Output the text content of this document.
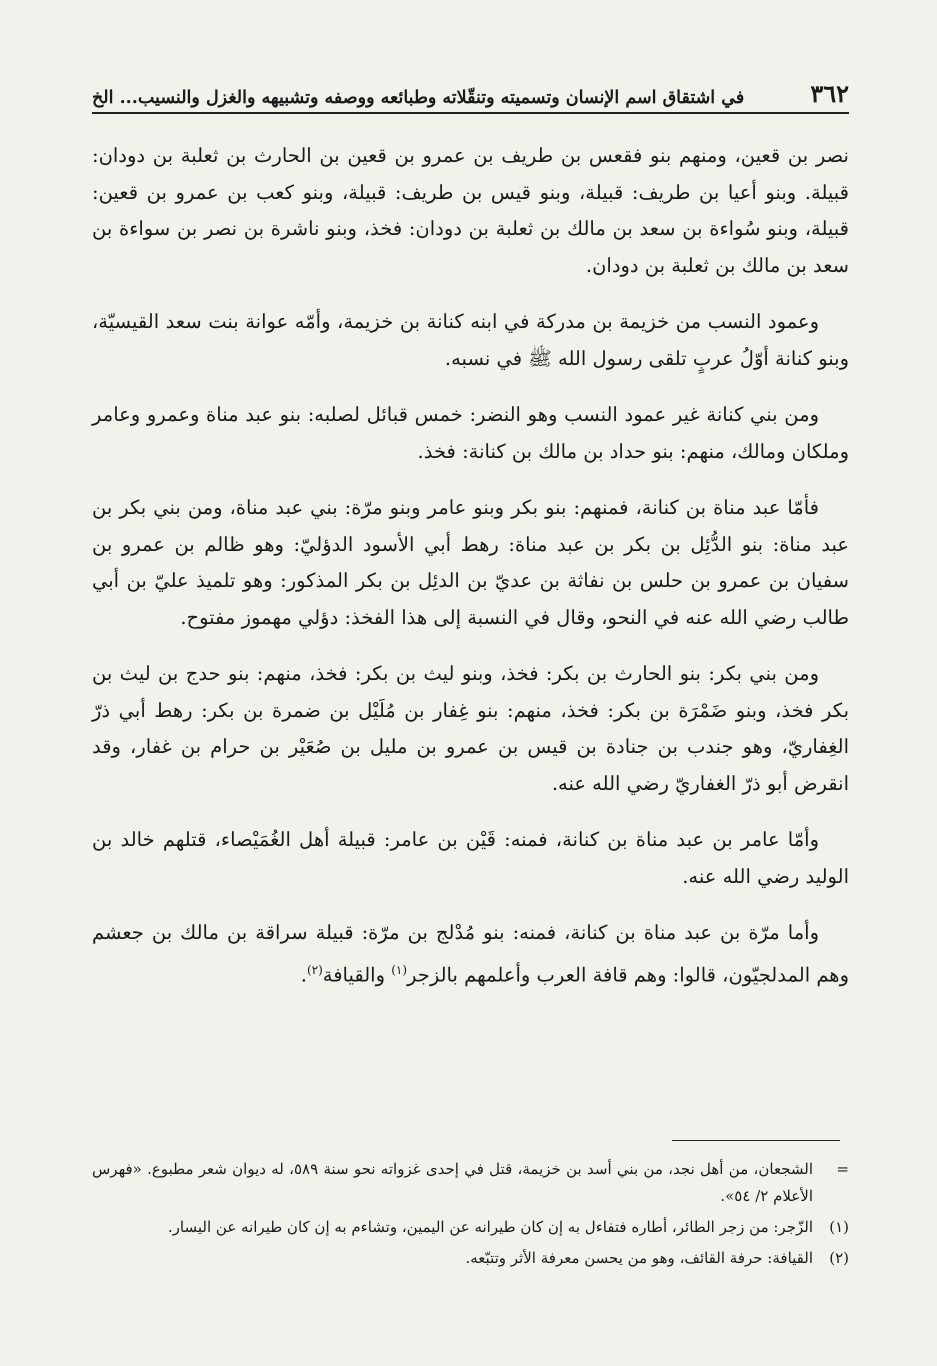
٣٦٢
في اشتقاق اسم الإنسان وتسميته وتنقّلاته وطبائعه ووصفه وتشبيهه والغزل والنسيب... الخ

نصر بن قعين، ومنهم بنو فقعس بن طريف بن عمرو بن قعين بن الحارث بن ثعلبة بن دودان: قبيلة. وبنو أعيا بن طريف: قبيلة، وبنو قيس بن طريف: قبيلة، وبنو كعب بن عمرو بن قعين: قبيلة، وبنو سُواءة بن سعد بن مالك بن ثعلبة بن دودان: فخذ، وبنو ناشرة بن نصر بن سواءة بن سعد بن مالك بن ثعلبة بن دودان.

وعمود النسب من خزيمة بن مدركة في ابنه كنانة بن خزيمة، وأمّه عوانة بنت سعد القيسيّة، وبنو كنانة أوّلُ عربٍ تلقى رسول الله ﷺ في نسبه.

ومن بني كنانة غير عمود النسب وهو النضر: خمس قبائل لصلبه: بنو عبد مناة وعمرو وعامر وملكان ومالك، منهم: بنو حداد بن مالك بن كنانة: فخذ.

فأمّا عبد مناة بن كنانة، فمنهم: بنو بكر وبنو عامر وبنو مرّة: بني عبد مناة، ومن بني بكر بن عبد مناة: بنو الدُّئِل بن بكر بن عبد مناة: رهط أبي الأسود الدؤليّ: وهو ظالم بن عمرو بن سفيان بن عمرو بن حلس بن نفاثة بن عديّ بن الدئِل بن بكر المذكور: وهو تلميذ عليّ بن أبي طالب رضي الله عنه في النحو، وقال في النسبة إلى هذا الفخذ: دؤلي مهموز مفتوح.

ومن بني بكر: بنو الحارث بن بكر: فخذ، وبنو ليث بن بكر: فخذ، منهم: بنو حدج بن ليث بن بكر فخذ، وبنو ضَمْرَة بن بكر: فخذ، منهم: بنو غِفار بن مُلَيْل بن ضمرة بن بكر: رهط أبي ذرّ الغِفاريّ، وهو جندب بن جنادة بن قيس بن عمرو بن مليل بن صُعَيْر بن حرام بن غفار، وقد انقرض أبو ذرّ الغفاريّ رضي الله عنه.

وأمّا عامر بن عبد مناة بن كنانة، فمنه: قَيْن بن عامر: قبيلة أهل الغُمَيْصاء، قتلهم خالد بن الوليد رضي الله عنه.

وأما مرّة بن عبد مناة بن كنانة، فمنه: بنو مُدْلج بن مرّة: قبيلة سراقة بن مالك بن جعشم وهم المدلجيّون، قالوا: وهم قافة العرب وأعلمهم بالزجر$^{(١)}$ والقيافة$^{(٢)}$.

=
الشجعان، من أهل نجد، من بني أسد بن خزيمة، قتل في إحدى غزواته نحو سنة ٥٨٩، له ديوان شعر مطبوع. «فهرس الأعلام ٢/ ٥٤».
(١)
الزّجر: من زجر الطائر، أطاره فتفاءل به إن كان طيرانه عن اليمين، وتشاءم به إن كان طيرانه عن اليسار.
(٢)
القيافة: حرفة القائف، وهو من يحسن معرفة الأثر وتتبّعه.
